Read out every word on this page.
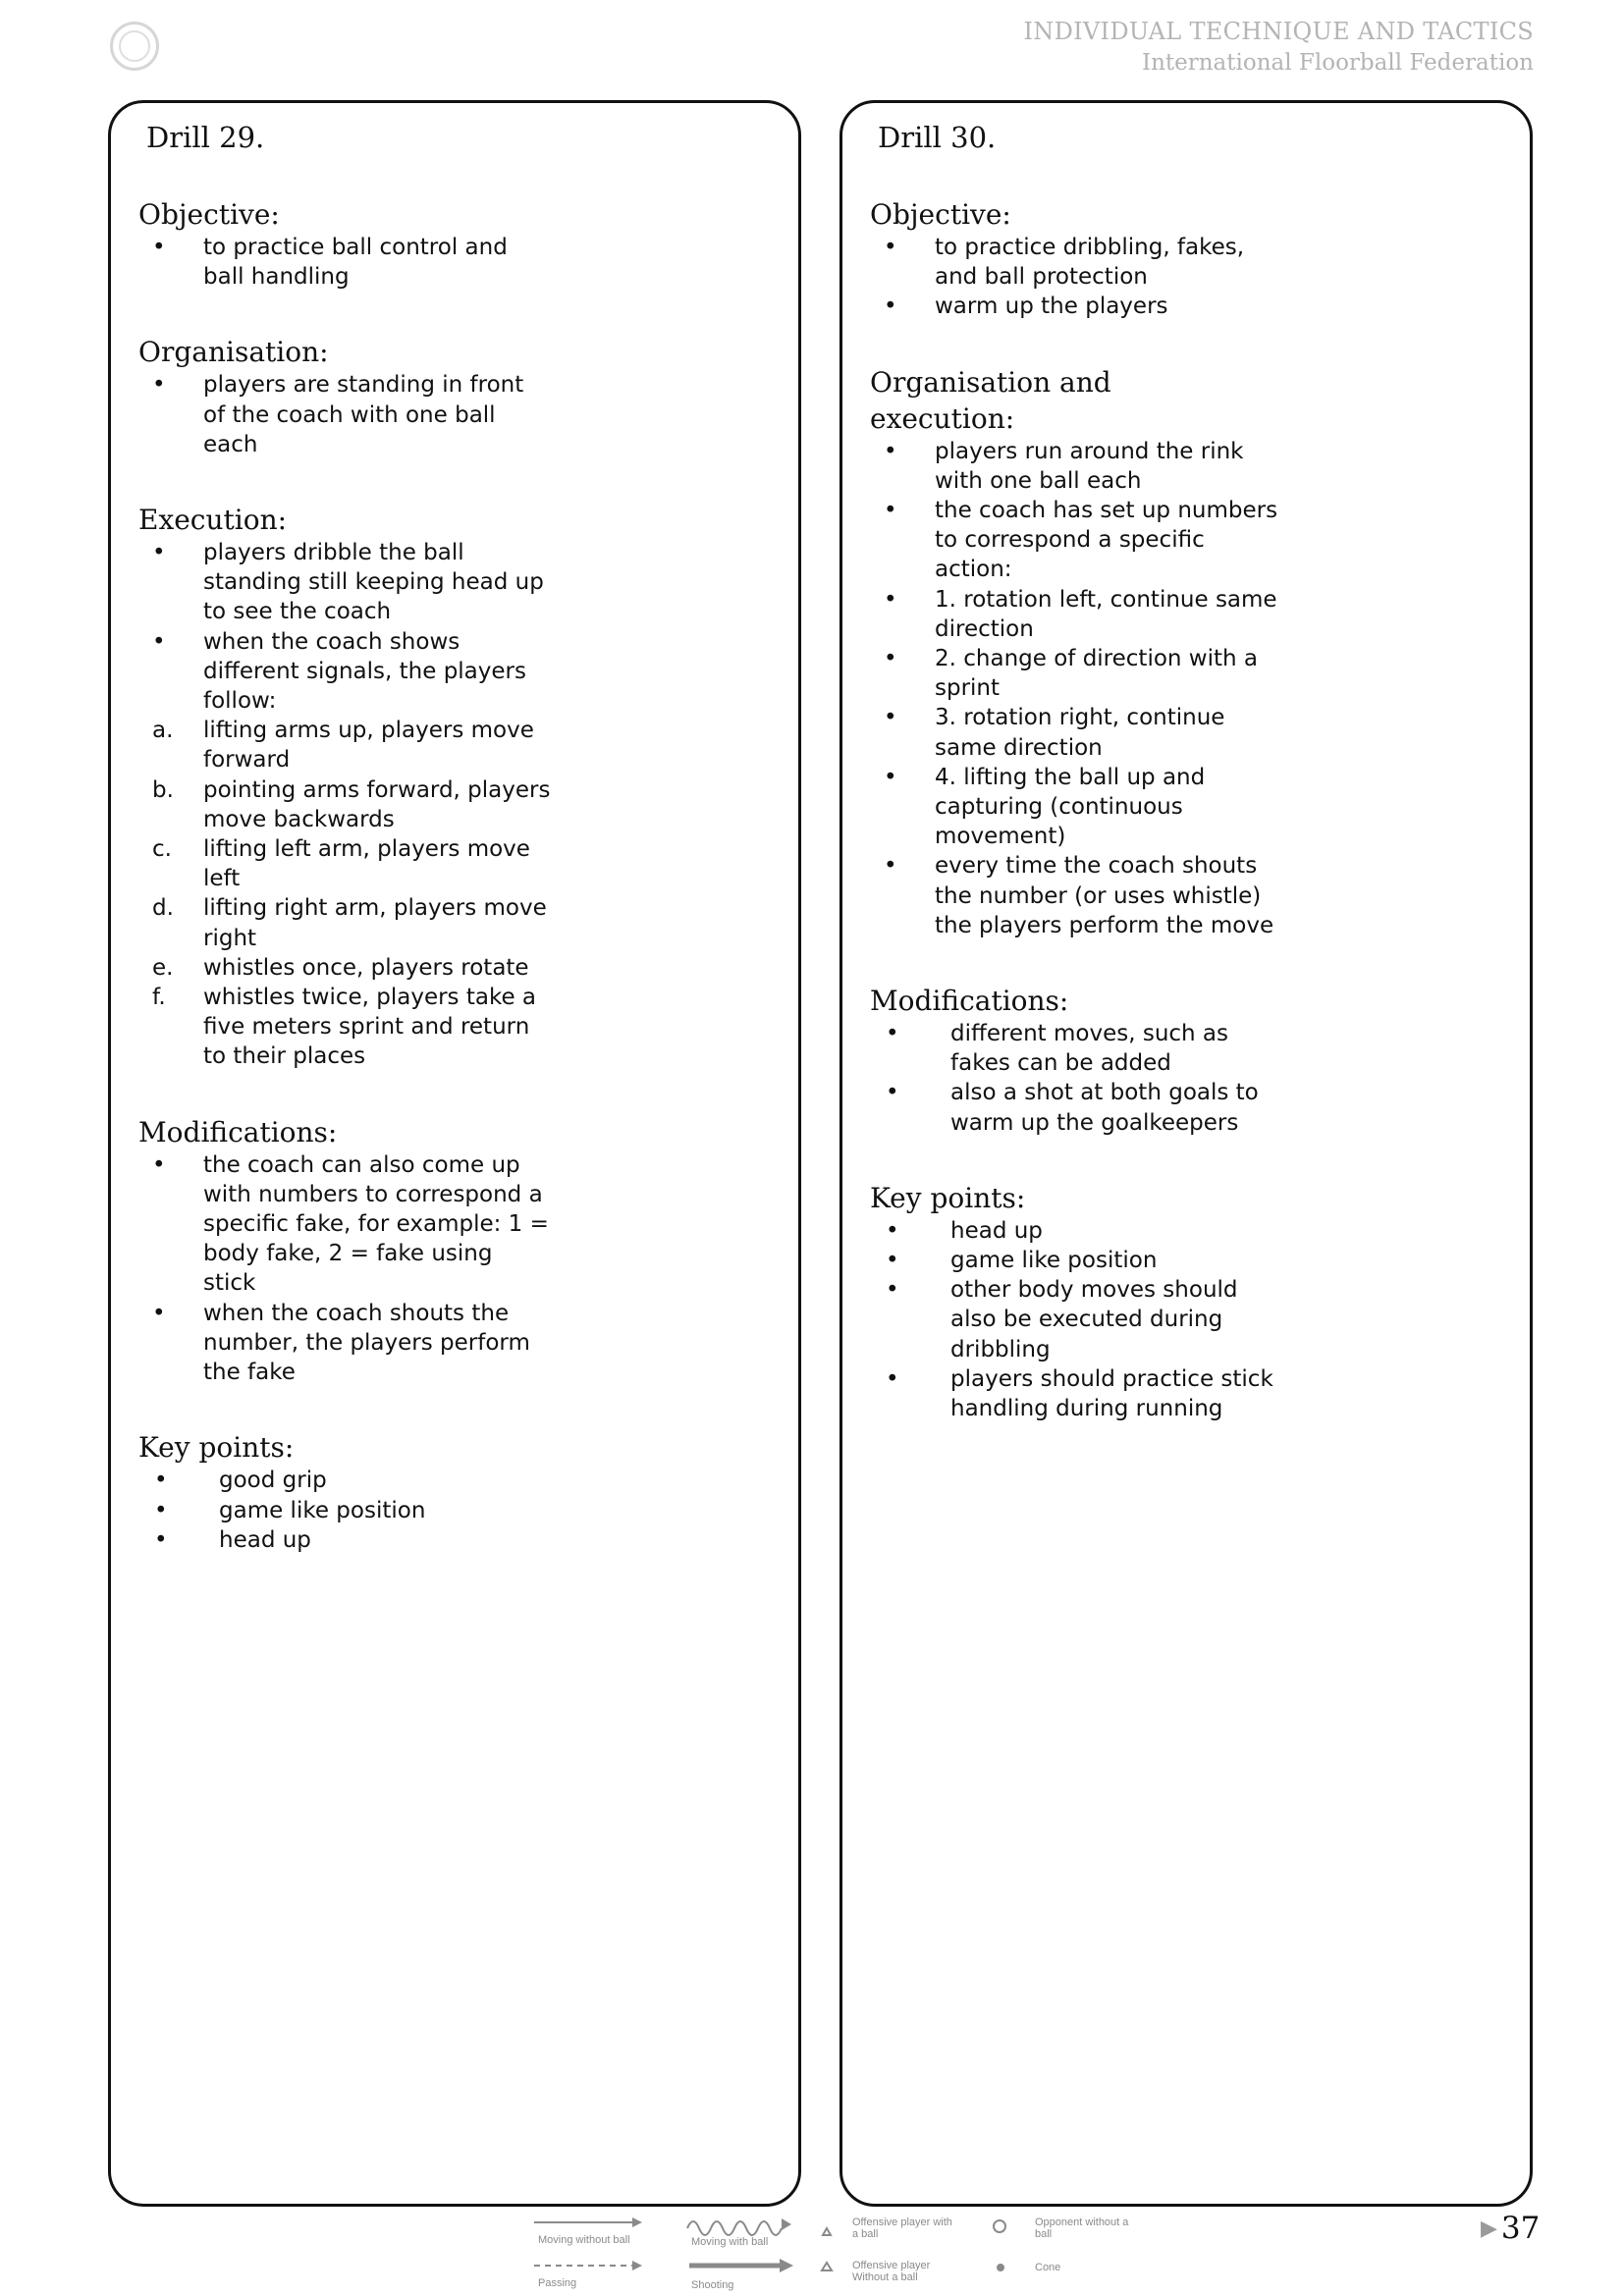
INDIVIDUAL TECHNIQUE AND TACTICS
International Floorball Federation
Drill 29.
Objective:
• to practice ball control and ball handling
Organisation:
• players are standing in front of the coach with one ball each
Execution:
• players dribble the ball standing still keeping head up to see the coach
• when the coach shows different signals, the players follow:
a. lifting arms up, players move forward
b. pointing arms forward, players move backwards
c. lifting left arm, players move left
d. lifting right arm, players move right
e. whistles once, players rotate
f. whistles twice, players take a five meters sprint and return to their places
Modifications:
• the coach can also come up with numbers to correspond a specific fake, for example: 1 = body fake, 2 = fake using stick
• when the coach shouts the number, the players perform the fake
Key points:
• good grip
• game like position
• head up
Drill 30.
Objective:
• to practice dribbling, fakes, and ball protection
• warm up the players
Organisation and execution:
• players run around the rink with one ball each
• the coach has set up numbers to correspond a specific action:
• 1. rotation left, continue same direction
• 2. change of direction with a sprint
• 3. rotation right, continue same direction
• 4. lifting the ball up and capturing (continuous movement)
• every time the coach shouts the number (or uses whistle) the players perform the move
Modifications:
• different moves, such as fakes can be added
• also a shot at both goals to warm up the goalkeepers
Key points:
• head up
• game like position
• other body moves should also be executed during dribbling
• players should practice stick handling during running
Moving without ball
Passing
Moving with ball
Shooting
Offensive player with a ball
Offensive player Without a ball
Opponent without a ball
Cone
▶ 37
